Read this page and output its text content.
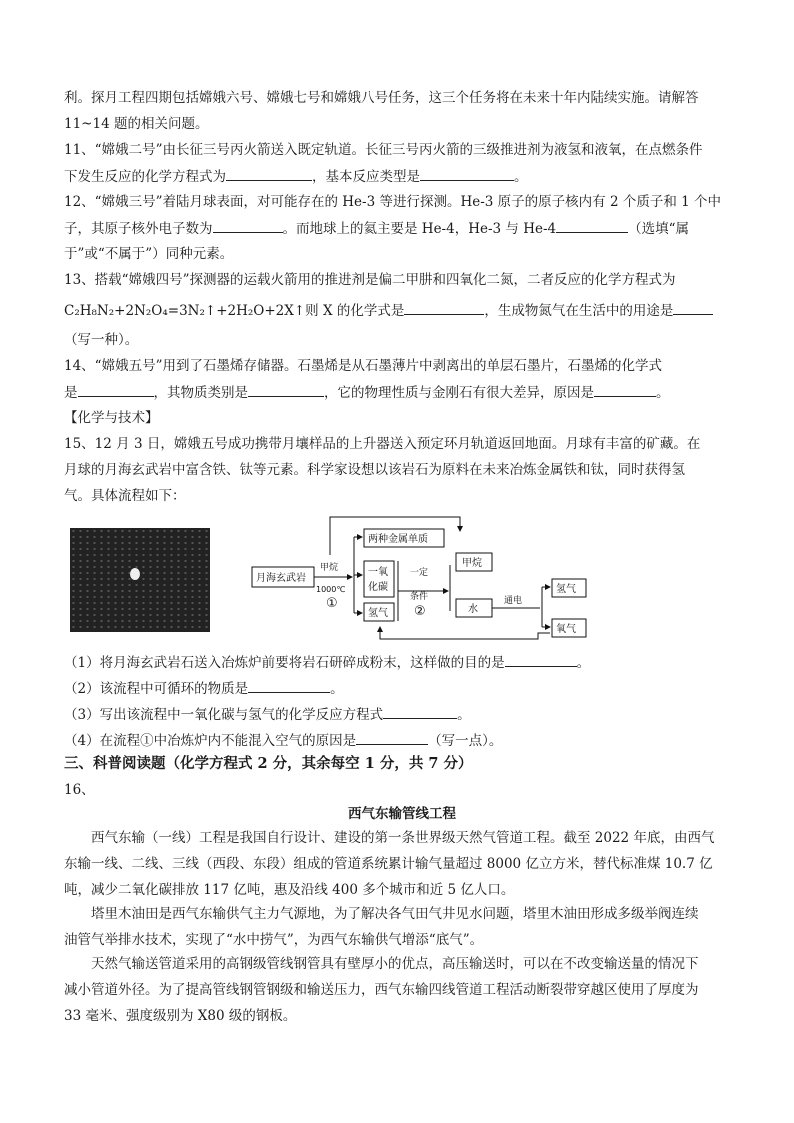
利。探月工程四期包括嫦娥六号、嫦娥七号和嫦娥八号任务，这三个任务将在未来十年内陆续实施。请解答
11~14 题的相关问题。
11、“嫦娥二号”由长征三号丙火箭送入既定轨道。长征三号丙火箭的三级推进剂为液氢和液氧，在点燃条件
下发生反应的化学方程式为	，基本反应类型是	。
12、“嫦娥三号”着陆月球表面，对可能存在的 He-3 等进行探测。He-3 原子的原子核内有 2 个质子和 1 个中
子，其原子核外电子数为	。而地球上的氦主要是 He-4，He-3 与 He-4	（选填“属
于”或“不属于”）同种元素。
13、搭载“嫦娥四号”探测器的运载火箭用的推进剂是偏二甲肼和四氧化二氮，二者反应的化学方程式为
C₂H₈N₂+2N₂O₄=3N₂↑+2H₂O+2X↑则 X 的化学式是	，生成物氮气在生活中的用途是
（写一种）。
14、“嫦娥五号”用到了石墨烯存储器。石墨烯是从石墨薄片中剥离出的单层石墨片，石墨烯的化学式
是	，其物质类别是	，它的物理性质与金刚石有很大差异，原因是	。
【化学与技术】
15、12 月 3 日，嫦娥五号成功携带月壤样品的上升器送入预定环月轨道返回地面。月球有丰富的矿藏。在
月球的月海玄武岩中富含铁、钛等元素。科学家设想以该岩石为原料在未来冶炼金属铁和钛，同时获得氢
气。具体流程如下：
月海玄武岩
甲烷
1000℃
①
两种金属单质
一氧
化碳
氢气
一定
条件
②
甲烷
水
通电
氢气
氧气
（1）将月海玄武岩石送入冶炼炉前要将岩石研碎成粉末，这样做的目的是	。
（2）该流程中可循环的物质是	。
（3）写出该流程中一氧化碳与氢气的化学反应方程式	。
（4）在流程①中冶炼炉内不能混入空气的原因是	（写一点）。
三、科普阅读题（化学方程式 2 分，其余每空 1 分，共 7 分）
16、
西气东输管线工程
西气东输（一线）工程是我国自行设计、建设的第一条世界级天然气管道工程。截至 2022 年底，由西气
东输一线、二线、三线（西段、东段）组成的管道系统累计输气量超过 8000 亿立方米，替代标准煤 10.7 亿
吨，减少二氧化碳排放 117 亿吨，惠及沿线 400 多个城市和近 5 亿人口。
塔里木油田是西气东输供气主力气源地，为了解决各气田气井见水问题，塔里木油田形成多级举阀连续
油管气举排水技术，实现了“水中捞气”，为西气东输供气增添“底气”。
天然气输送管道采用的高钢级管线钢管具有壁厚小的优点，高压输送时，可以在不改变输送量的情况下
减小管道外径。为了提高管线钢管钢级和输送压力，西气东输四线管道工程活动断裂带穿越区使用了厚度为
33 毫米、强度级别为 X80 级的钢板。
